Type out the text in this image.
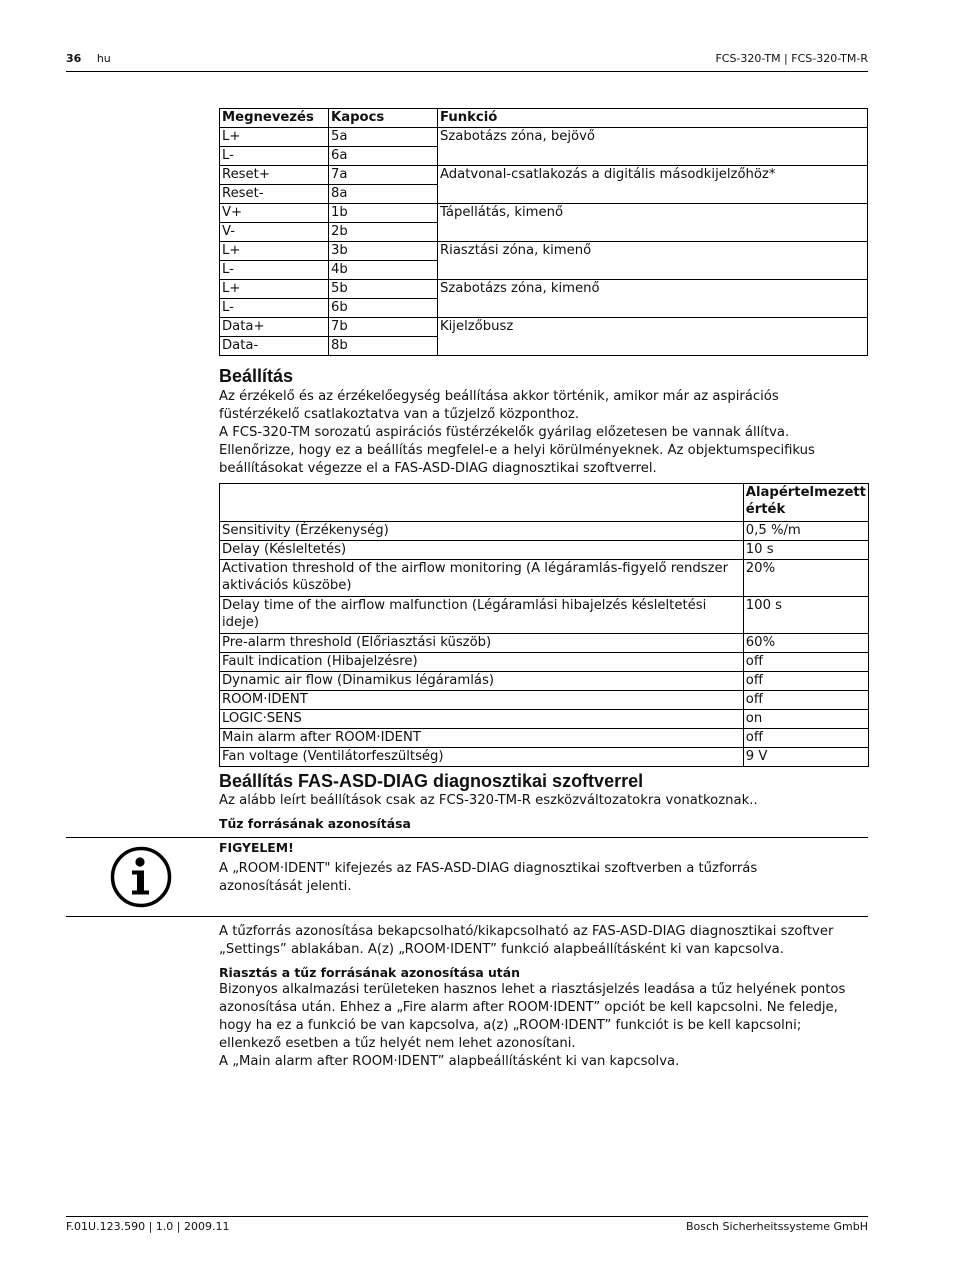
36 hu	FCS-320-TM | FCS-320-TM-R
Megnevezés	Kapocs	Funkció
L+	5a	Szabotázs zóna, bejövő
L-	6a	
Reset+	7a	Adatvonal-csatlakozás a digitális másodkijelzőhöz*
Reset-	8a	
V+	1b	Tápellátás, kimenő
V-	2b	
L+	3b	Riasztási zóna, kimenő
L-	4b	
L+	5b	Szabotázs zóna, kimenő
L-	6b	
Data+	7b	Kijelzőbusz
Data-	8b	
Beállítás
Az érzékelő és az érzékelőegység beállítása akkor történik, amikor már az aspirációs
füstérzékelő csatlakoztatva van a tűzjelző központhoz.
A FCS-320-TM sorozatú aspirációs füstérzékelők gyárilag előzetesen be vannak állítva.
Ellenőrizze, hogy ez a beállítás megfelel-e a helyi körülményeknek. Az objektumspecifikus
beállításokat végezze el a FAS-ASD-DIAG diagnosztikai szoftverrel.

	Alapértelmezett
érték

Sensitivity (Érzékenység)	0,5 %/m
Delay (Késleltetés)	10 s
Activation threshold of the airflow monitoring (A légáramlás-figyelő rendszer aktivációs küszöbe)	20%
Delay time of the airflow malfunction (Légáramlási hibajelzés késleltetési ideje)	100 s
Pre-alarm threshold (Előriasztási küszöb)	60%
Fault indication (Hibajelzésre)	off
Dynamic air flow (Dinamikus légáramlás)	off
ROOM·IDENT	off
LOGIC·SENS	on
Main alarm after ROOM·IDENT	off
Fan voltage (Ventilátorfeszültség)	9 V
Beállítás FAS-ASD-DIAG diagnosztikai szoftverrel
Az alább leírt beállítások csak az FCS-320-TM-R eszközváltozatokra vonatkoznak..
Tűz forrásának azonosítása
FIGYELEM!
A „ROOM·IDENT" kifejezés az FAS-ASD-DIAG diagnosztikai szoftverben a tűzforrás
azonosítását jelenti.
A tűzforrás azonosítása bekapcsolható/kikapcsolható az FAS-ASD-DIAG diagnosztikai szoftver
„Settings” ablakában. A(z) „ROOM·IDENT” funkció alapbeállításként ki van kapcsolva.
Riasztás a tűz forrásának azonosítása után
Bizonyos alkalmazási területeken hasznos lehet a riasztásjelzés leadása a tűz helyének pontos
azonosítása után. Ehhez a „Fire alarm after ROOM·IDENT” opciót be kell kapcsolni. Ne feledje,
hogy ha ez a funkció be van kapcsolva, a(z) „ROOM·IDENT” funkciót is be kell kapcsolni;
ellenkező esetben a tűz helyét nem lehet azonosítani.
A „Main alarm after ROOM·IDENT” alapbeállításként ki van kapcsolva.
F.01U.123.590 | 1.0 | 2009.11	Bosch Sicherheitssysteme GmbH
